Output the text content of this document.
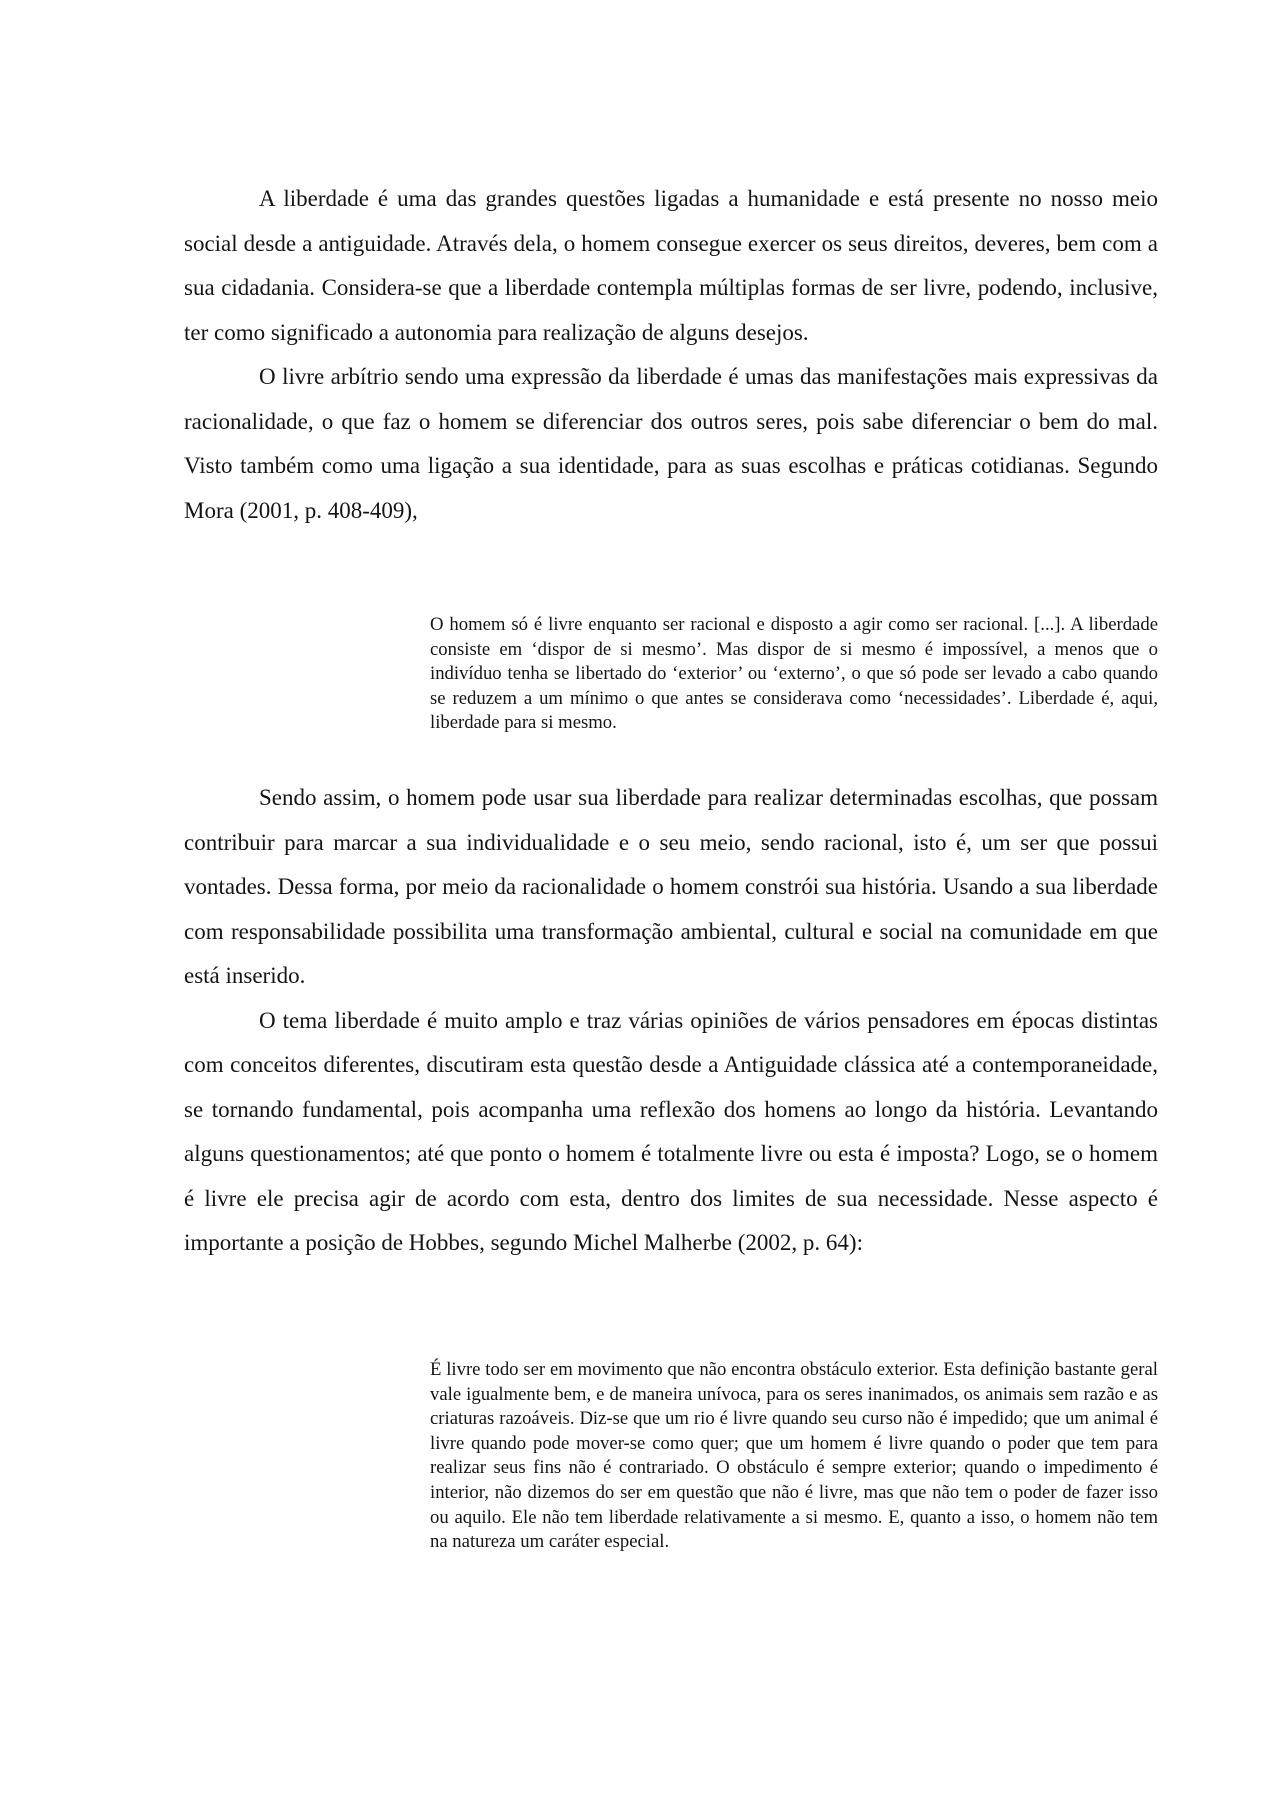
A liberdade é uma das grandes questões ligadas a humanidade e está presente no nosso meio social desde a antiguidade. Através dela, o homem consegue exercer os seus direitos, deveres, bem com a sua cidadania. Considera-se que a liberdade contempla múltiplas formas de ser livre, podendo, inclusive, ter como significado a autonomia para realização de alguns desejos.

O livre arbítrio sendo uma expressão da liberdade é umas das manifestações mais expressivas da racionalidade, o que faz o homem se diferenciar dos outros seres, pois sabe diferenciar o bem do mal. Visto também como uma ligação a sua identidade, para as suas escolhas e práticas cotidianas. Segundo Mora (2001, p. 408-409),

O homem só é livre enquanto ser racional e disposto a agir como ser racional. [...]. A liberdade consiste em ‘dispor de si mesmo’. Mas dispor de si mesmo é impossível, a menos que o indivíduo tenha se libertado do ‘exterior’ ou ‘externo’, o que só pode ser levado a cabo quando se reduzem a um mínimo o que antes se considerava como ‘necessidades’. Liberdade é, aqui, liberdade para si mesmo.

Sendo assim, o homem pode usar sua liberdade para realizar determinadas escolhas, que possam contribuir para marcar a sua individualidade e o seu meio, sendo racional, isto é, um ser que possui vontades. Dessa forma, por meio da racionalidade o homem constrói sua história. Usando a sua liberdade com responsabilidade possibilita uma transformação ambiental, cultural e social na comunidade em que está inserido.

O tema liberdade é muito amplo e traz várias opiniões de vários pensadores em épocas distintas com conceitos diferentes, discutiram esta questão desde a Antiguidade clássica até a contemporaneidade, se tornando fundamental, pois acompanha uma reflexão dos homens ao longo da história. Levantando alguns questionamentos; até que ponto o homem é totalmente livre ou esta é imposta? Logo, se o homem é livre ele precisa agir de acordo com esta, dentro dos limites de sua necessidade. Nesse aspecto é importante a posição de Hobbes, segundo Michel Malherbe (2002, p. 64):

É livre todo ser em movimento que não encontra obstáculo exterior. Esta definição bastante geral vale igualmente bem, e de maneira unívoca, para os seres inanimados, os animais sem razão e as criaturas razoáveis. Diz-se que um rio é livre quando seu curso não é impedido; que um animal é livre quando pode mover-se como quer; que um homem é livre quando o poder que tem para realizar seus fins não é contrariado. O obstáculo é sempre exterior; quando o impedimento é interior, não dizemos do ser em questão que não é livre, mas que não tem o poder de fazer isso ou aquilo. Ele não tem liberdade relativamente a si mesmo. E, quanto a isso, o homem não tem na natureza um caráter especial.
